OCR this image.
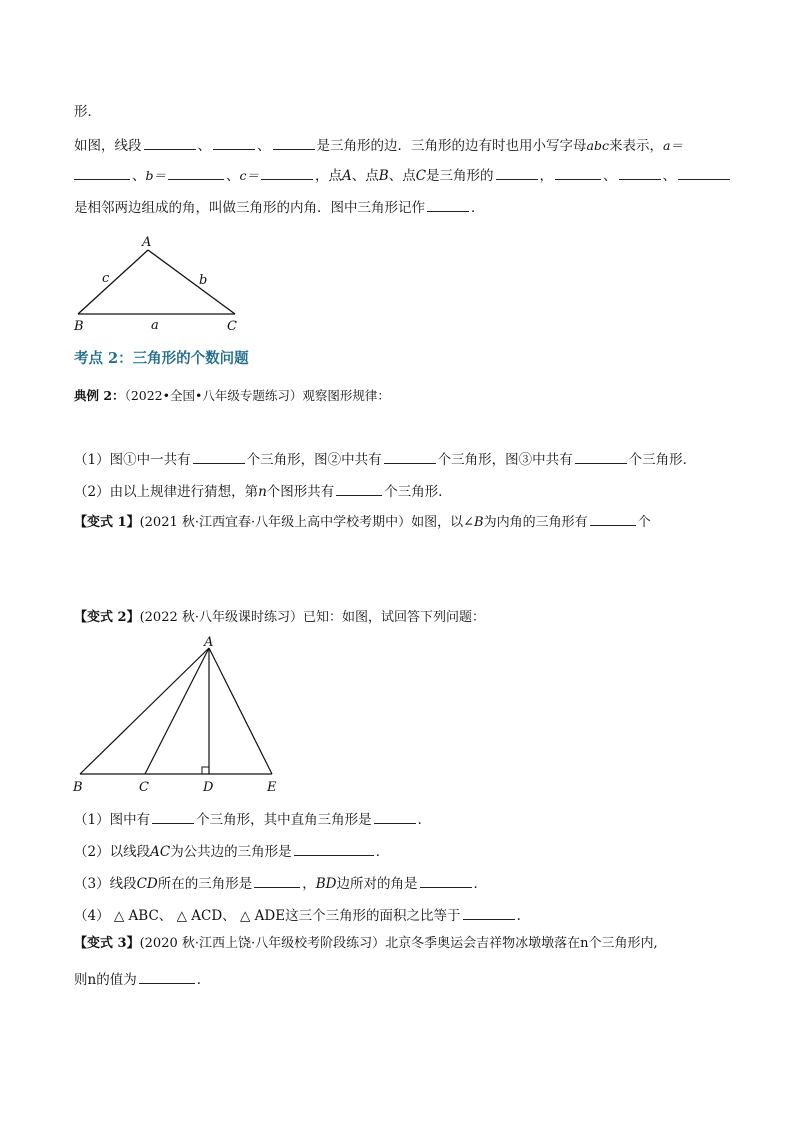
形．
如图，线段	、	、	是三角形的边．三角形的边有时也用小写字母abc来表示，a＝
、b＝	、c＝	，点A、点B、点C是三角形的	，	、	、
是相邻两边组成的角，叫做三角形的内角．图中三角形记作	．
A
B	C
c	b
a
考点 2：三角形的个数问题
典例 2：（2022•全国•八年级专题练习）观察图形规律：
（1）图①中一共有	个三角形，图②中共有	个三角形，图③中共有	个三角形．
（2）由以上规律进行猜想，第n个图形共有	个三角形．
【变式 1】(2021 秋·江西宜春·八年级上高中学校考期中）如图，以∠B为内角的三角形有	个
【变式 2】(2022 秋·八年级课时练习）已知：如图，试回答下列问题：
A
B	C	D	E
（1）图中有	个三角形，其中直角三角形是	．
（2）以线段AC为公共边的三角形是	．
（3）线段CD所在的三角形是	，BD边所对的角是	．
（4） △ ABC、 △ ACD、 △ ADE这三个三角形的面积之比等于	．
【变式 3】(2020 秋·江西上饶·八年级校考阶段练习）北京冬季奥运会吉祥物冰墩墩落在n个三角形内,
则n的值为	．
